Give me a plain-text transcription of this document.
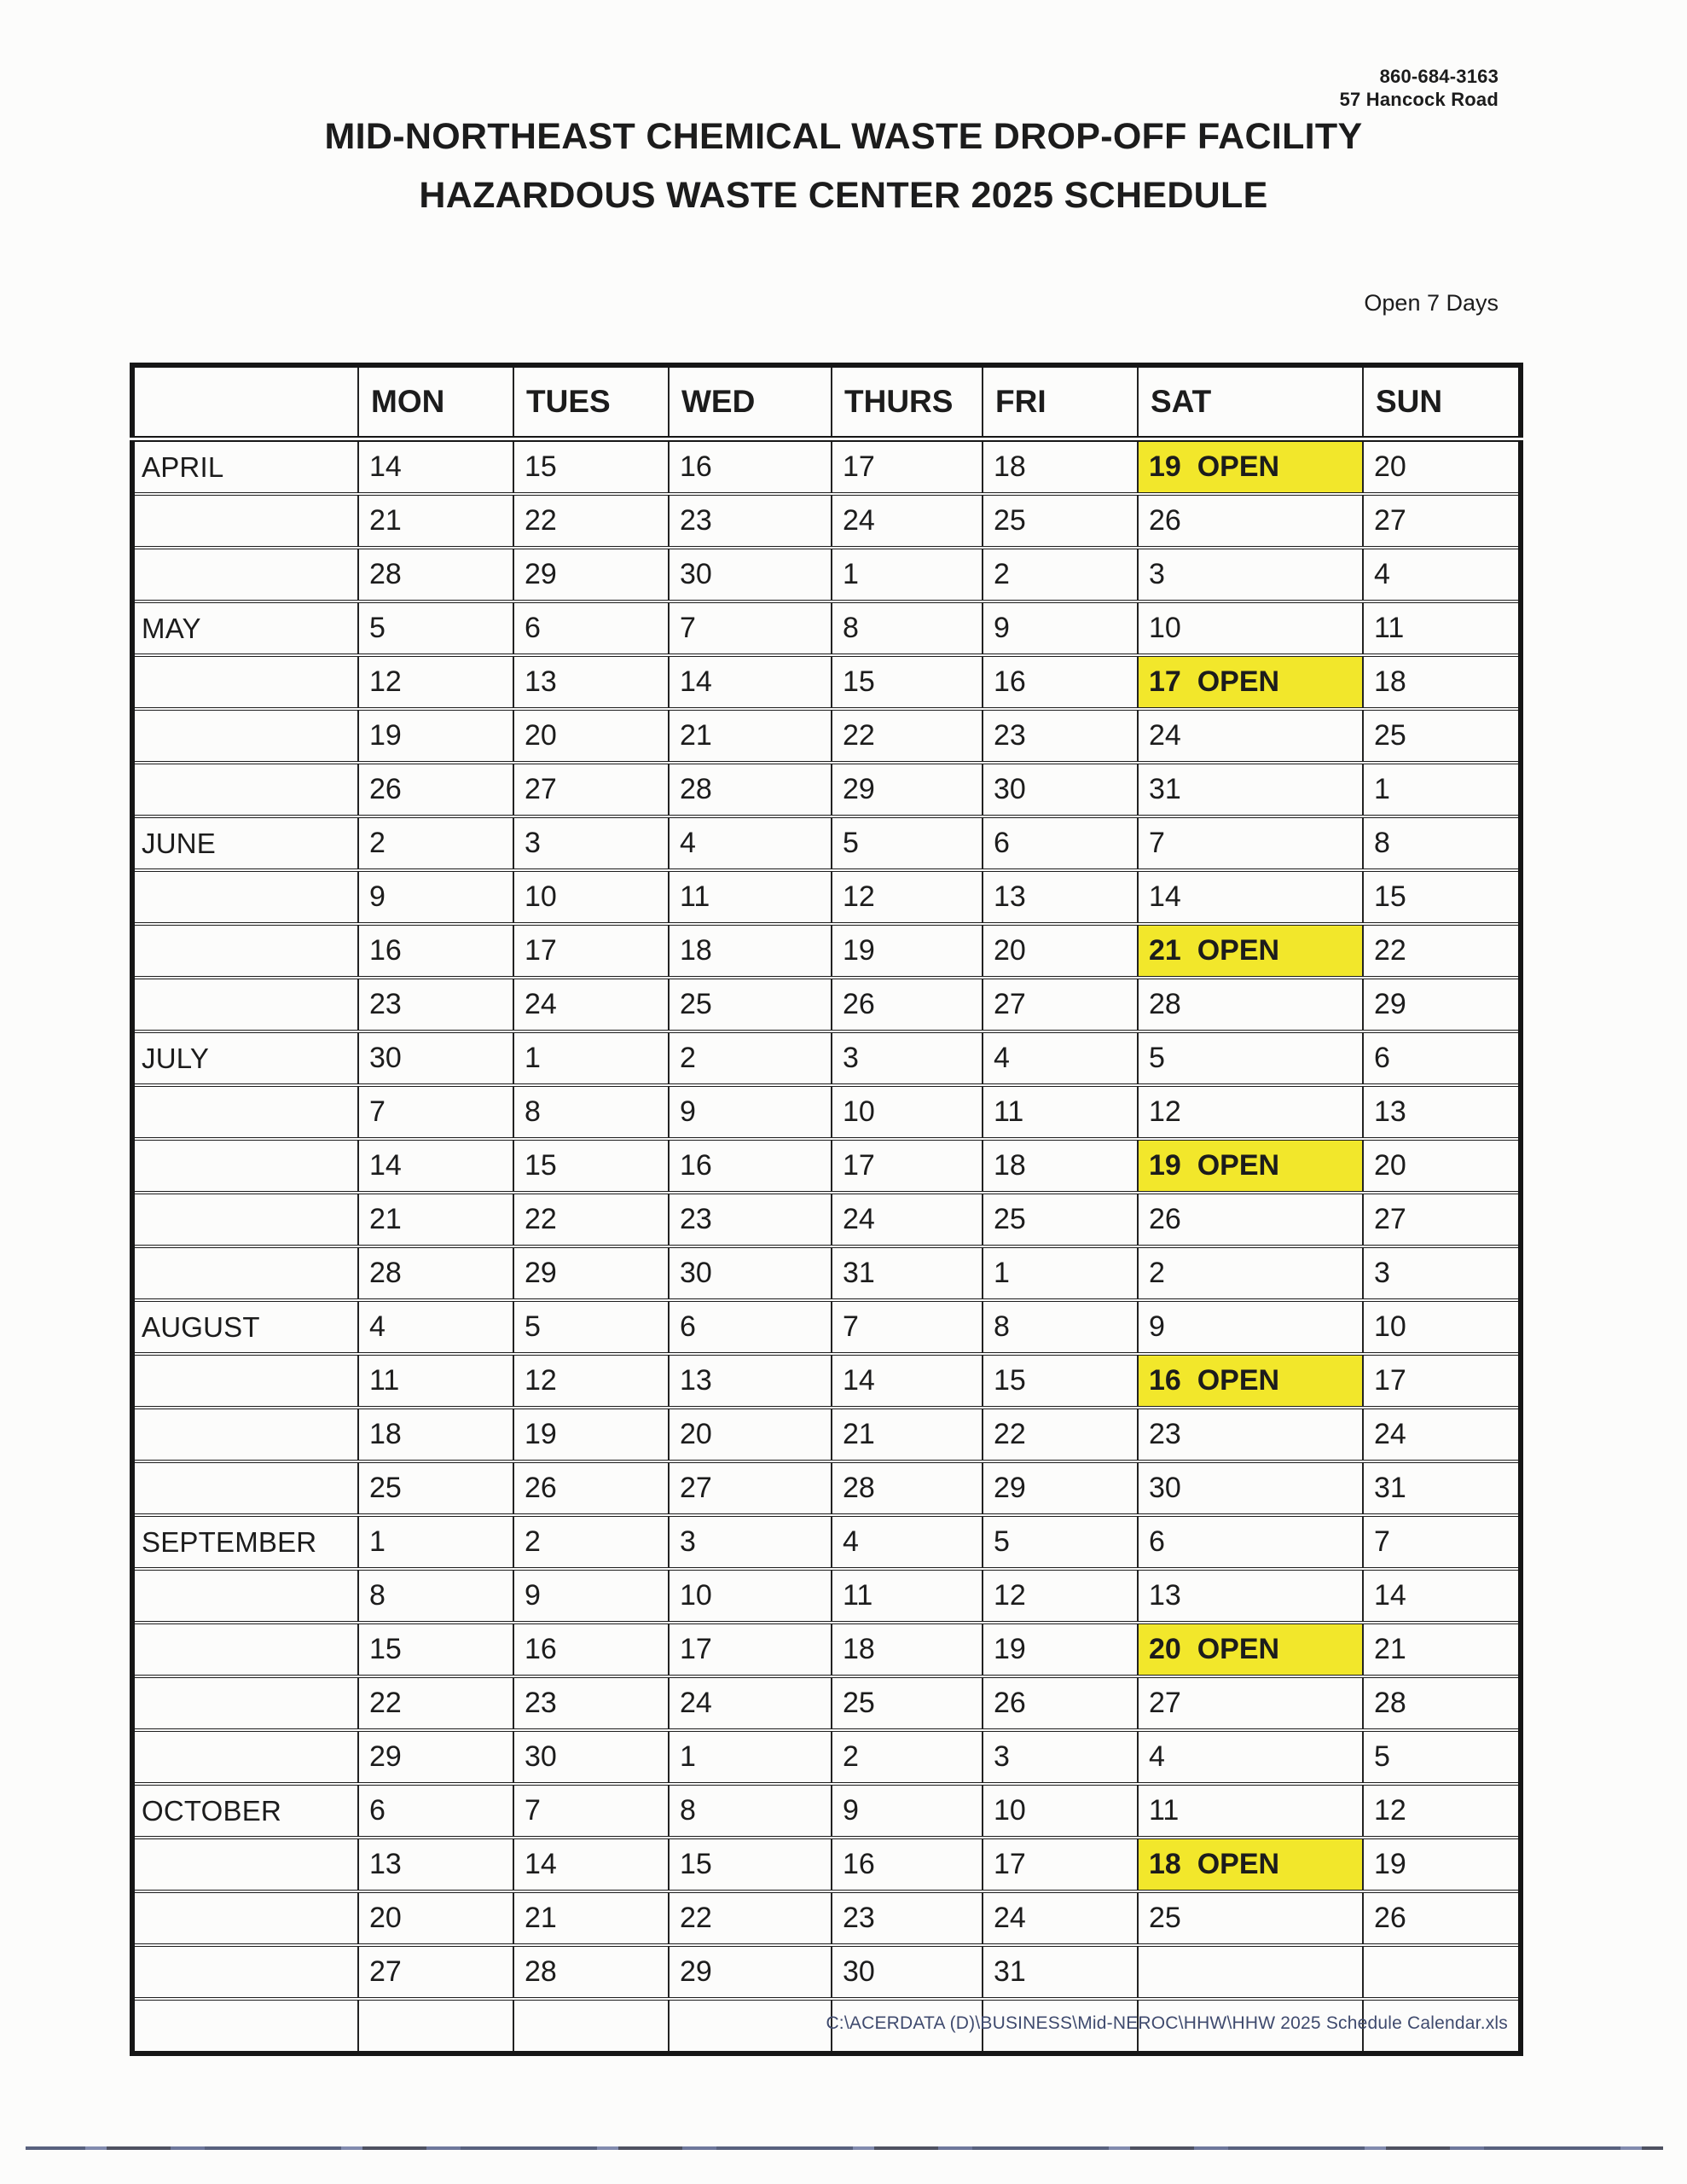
860-684-3163
57 Hancock Road
MID-NORTHEAST CHEMICAL WASTE DROP-OFF FACILITY
HAZARDOUS WASTE CENTER 2025 SCHEDULE
Open 7 Days
	MON	TUES	WED	THURS	FRI	SAT	SUN
APRIL	14	15	16	17	18	19  OPEN	20
	21	22	23	24	25	26	27
	28	29	30	1	2	3	4
MAY	5	6	7	8	9	10	11
	12	13	14	15	16	17  OPEN	18
	19	20	21	22	23	24	25
	26	27	28	29	30	31	1
JUNE	2	3	4	5	6	7	8
	9	10	11	12	13	14	15
	16	17	18	19	20	21  OPEN	22
	23	24	25	26	27	28	29
JULY	30	1	2	3	4	5	6
	7	8	9	10	11	12	13
	14	15	16	17	18	19  OPEN	20
	21	22	23	24	25	26	27
	28	29	30	31	1	2	3
AUGUST	4	5	6	7	8	9	10
	11	12	13	14	15	16  OPEN	17
	18	19	20	21	22	23	24
	25	26	27	28	29	30	31
SEPTEMBER	1	2	3	4	5	6	7
	8	9	10	11	12	13	14
	15	16	17	18	19	20  OPEN	21
	22	23	24	25	26	27	28
	29	30	1	2	3	4	5
OCTOBER	6	7	8	9	10	11	12
	13	14	15	16	17	18  OPEN	19
	20	21	22	23	24	25	26
	27	28	29	30	31		

C:\ACERDATA (D)\BUSINESS\Mid-NEROC\HHW\HHW 2025 Schedule Calendar.xls
